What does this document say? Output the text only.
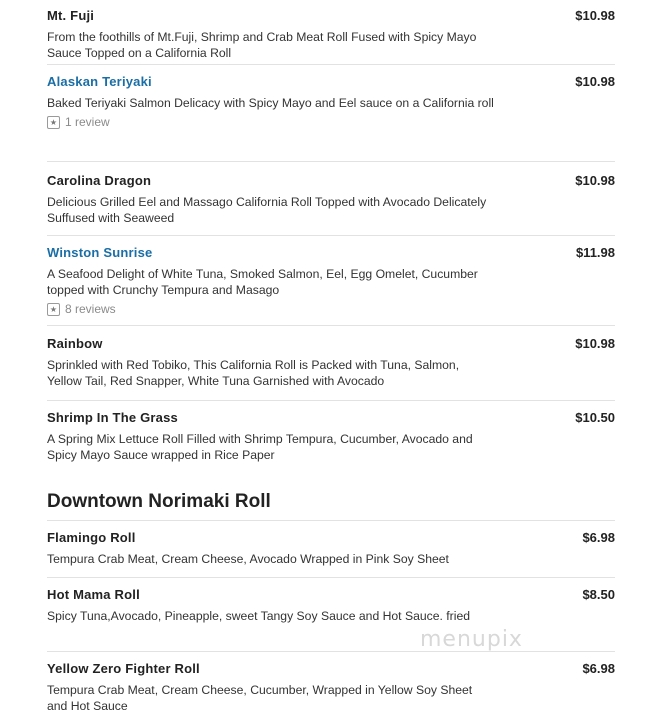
Mt. Fuji	$10.98
From the foothills of Mt.Fuji, Shrimp and Crab Meat Roll Fused with Spicy Mayo Sauce Topped on a California Roll
Alaskan Teriyaki	$10.98
Baked Teriyaki Salmon Delicacy with Spicy Mayo and Eel sauce on a California roll
★ 1 review
Carolina Dragon	$10.98
Delicious Grilled Eel and Massago California Roll Topped with Avocado Delicately Suffused with Seaweed
Winston Sunrise	$11.98
A Seafood Delight of White Tuna, Smoked Salmon, Eel, Egg Omelet, Cucumber topped with Crunchy Tempura and Masago
★ 8 reviews
Rainbow	$10.98
Sprinkled with Red Tobiko, This California Roll is Packed with Tuna, Salmon, Yellow Tail, Red Snapper, White Tuna Garnished with Avocado
Shrimp In The Grass	$10.50
A Spring Mix Lettuce Roll Filled with Shrimp Tempura, Cucumber, Avocado and Spicy Mayo Sauce wrapped in Rice Paper
Downtown Norimaki Roll
Flamingo Roll	$6.98
Tempura Crab Meat, Cream Cheese, Avocado Wrapped in Pink Soy Sheet
Hot Mama Roll	$8.50
Spicy Tuna,Avocado, Pineapple, sweet Tangy Soy Sauce and Hot Sauce. fried
Yellow Zero Fighter Roll	$6.98
Tempura Crab Meat, Cream Cheese, Cucumber, Wrapped in Yellow Soy Sheet and Hot Sauce
menupix
